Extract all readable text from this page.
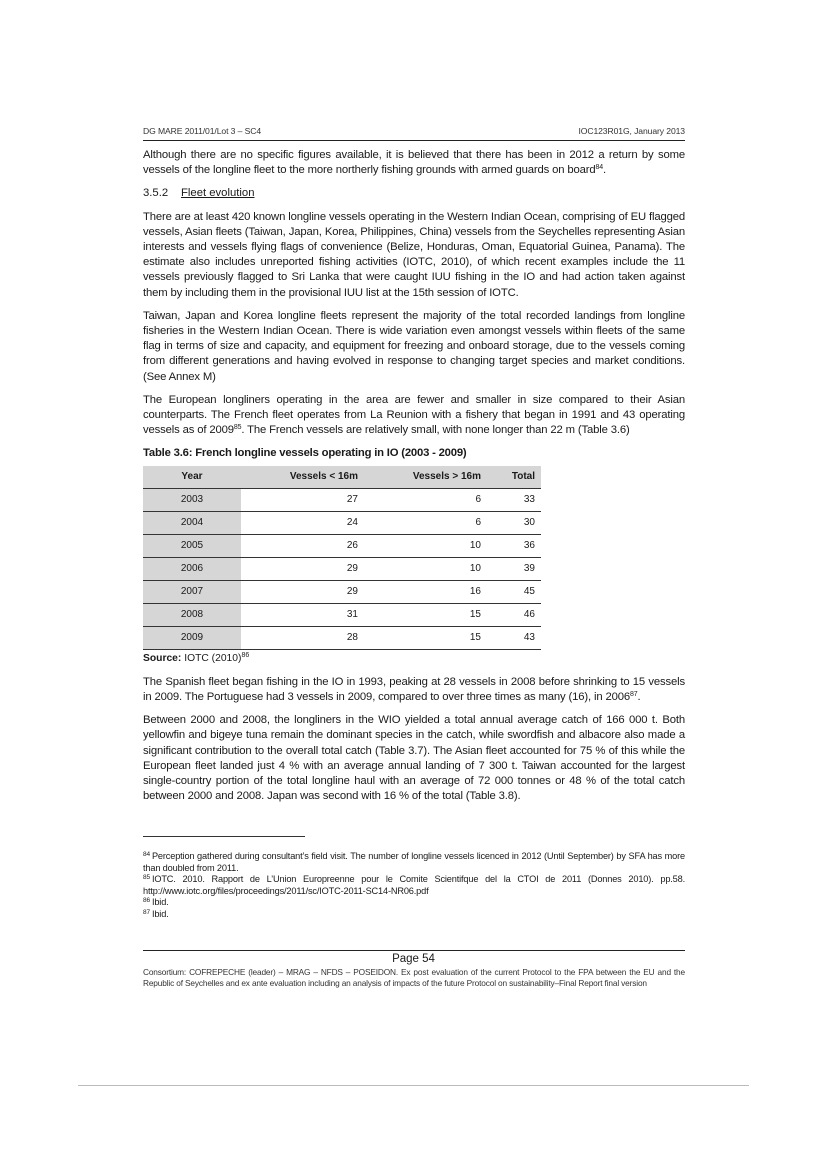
DG MARE 2011/01/Lot 3 – SC4	IOC123R01G, January 2013

Although there are no specific figures available, it is believed that there has been in 2012 a return by some vessels of the longline fleet to the more northerly fishing grounds with armed guards on board$^{84}$.

3.5.2 Fleet evolution

There are at least 420 known longline vessels operating in the Western Indian Ocean, comprising of EU flagged vessels, Asian fleets (Taiwan, Japan, Korea, Philippines, China) vessels from the Seychelles representing Asian interests and vessels flying flags of convenience (Belize, Honduras, Oman, Equatorial Guinea, Panama). The estimate also includes unreported fishing activities (IOTC, 2010), of which recent examples include the 11 vessels previously flagged to Sri Lanka that were caught IUU fishing in the IO and had action taken against them by including them in the provisional IUU list at the 15th session of IOTC.

Taiwan, Japan and Korea longline fleets represent the majority of the total recorded landings from longline fisheries in the Western Indian Ocean. There is wide variation even amongst vessels within fleets of the same flag in terms of size and capacity, and equipment for freezing and onboard storage, due to the vessels coming from different generations and having evolved in response to changing target species and market conditions. (See Annex M)

The European longliners operating in the area are fewer and smaller in size compared to their Asian counterparts. The French fleet operates from La Reunion with a fishery that began in 1991 and 43 operating vessels as of 2009$^{85}$. The French vessels are relatively small, with none longer than 22 m (Table 3.6)

Table 3.6: French longline vessels operating in IO (2003 - 2009)
Year	Vessels < 16m	Vessels > 16m	Total
2003	27	6	33
2004	24	6	30
2005	26	10	36
2006	29	10	39
2007	29	16	45
2008	31	15	46
2009	28	15	43
Source: IOTC $(2010)^{86}$

The Spanish fleet began fishing in the IO in 1993, peaking at 28 vessels in 2008 before shrinking to 15 vessels in 2009. The Portuguese had 3 vessels in 2009, compared to over three times as many (16), in 2006$^{87}$.

Between 2000 and 2008, the longliners in the WIO yielded a total annual average catch of 166 000 t. Both yellowfin and bigeye tuna remain the dominant species in the catch, while swordfish and albacore also made a significant contribution to the overall total catch (Table 3.7). The Asian fleet accounted for 75 % of this while the European fleet landed just 4 % with an average annual landing of 7 300 t. Taiwan accounted for the largest single-country portion of the total longline haul with an average of 72 000 tonnes or 48 % of the total catch between 2000 and 2008. Japan was second with 16 % of the total (Table 3.8).

$^{84}$ Perception gathered during consultant’s field visit. The number of longline vessels licenced in 2012 (Until September) by SFA has more than doubled from 2011.
$^{85}$ IOTC. 2010. Rapport de L’Union Europreenne pour le Comite Scientifque del la CTOI de 2011 (Donnes 2010). pp.58. http://www.iotc.org/files/proceedings/2011/sc/IOTC-2011-SC14-NR06.pdf
$^{86}$ Ibid.
$^{87}$ Ibid.
Page 54
Consortium: COFREPECHE (leader) – MRAG – NFDS – POSEIDON. Ex post evaluation of the current Protocol to the FPA between the EU and the Republic of Seychelles and ex ante evaluation including an analysis of impacts of the future Protocol on sustainability–Final Report final version
